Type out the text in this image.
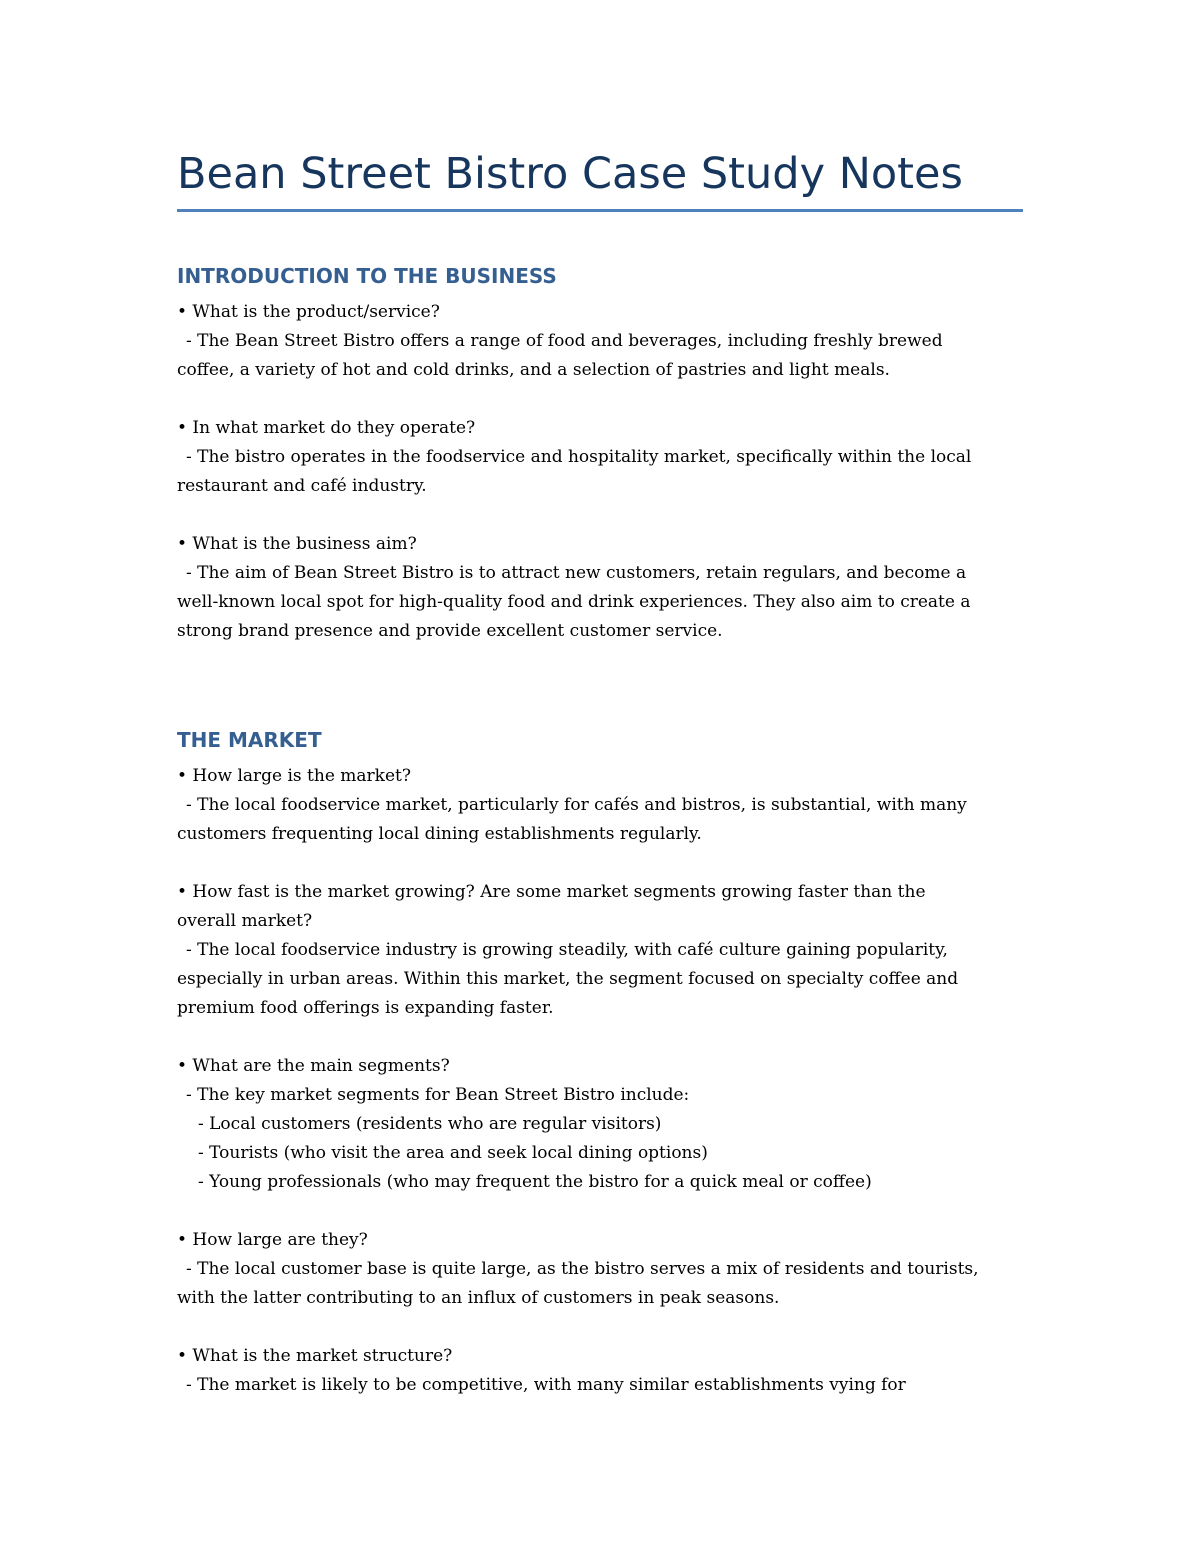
Bean Street Bistro Case Study Notes
INTRODUCTION TO THE BUSINESS
• What is the product/service?
- The Bean Street Bistro offers a range of food and beverages, including freshly brewed
coffee, a variety of hot and cold drinks, and a selection of pastries and light meals.
• In what market do they operate?
- The bistro operates in the foodservice and hospitality market, specifically within the local
restaurant and café industry.
• What is the business aim?
- The aim of Bean Street Bistro is to attract new customers, retain regulars, and become a
well-known local spot for high-quality food and drink experiences. They also aim to create a
strong brand presence and provide excellent customer service.
THE MARKET
• How large is the market?
- The local foodservice market, particularly for cafés and bistros, is substantial, with many
customers frequenting local dining establishments regularly.
• How fast is the market growing? Are some market segments growing faster than the
overall market?
- The local foodservice industry is growing steadily, with café culture gaining popularity,
especially in urban areas. Within this market, the segment focused on specialty coffee and
premium food offerings is expanding faster.
• What are the main segments?
- The key market segments for Bean Street Bistro include:
- Local customers (residents who are regular visitors)
- Tourists (who visit the area and seek local dining options)
- Young professionals (who may frequent the bistro for a quick meal or coffee)
• How large are they?
- The local customer base is quite large, as the bistro serves a mix of residents and tourists,
with the latter contributing to an influx of customers in peak seasons.
• What is the market structure?
- The market is likely to be competitive, with many similar establishments vying for
